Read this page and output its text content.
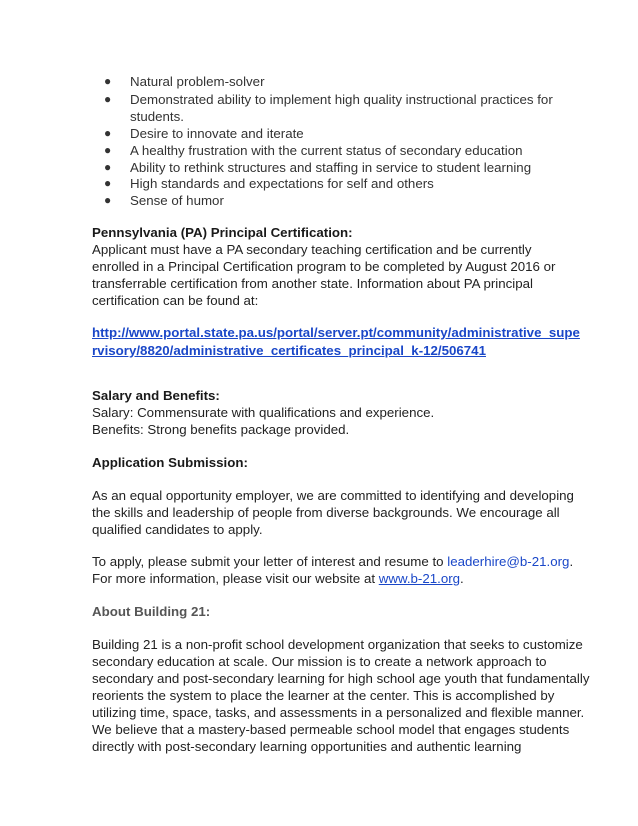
● Natural problem-solver
● Demonstrated ability to implement high quality instructional practices for
students.
● Desire to innovate and iterate
● A healthy frustration with the current status of secondary education
● Ability to rethink structures and staffing in service to student learning
● High standards and expectations for self and others
● Sense of humor
Pennsylvania (PA) Principal Certification:
Applicant must have a PA secondary teaching certification and be currently
enrolled in a Principal Certification program to be completed by August 2016 or
transferrable certification from another state. Information about PA principal
certification can be found at:
http://www.portal.state.pa.us/portal/server.pt/community/administrative_supe
rvisory/8820/administrative_certificates_principal_k-12/506741
Salary and Benefits:
Salary: Commensurate with qualifications and experience.
Benefits: Strong benefits package provided.
Application Submission:
As an equal opportunity employer, we are committed to identifying and developing
the skills and leadership of people from diverse backgrounds. We encourage all
qualified candidates to apply.
To apply, please submit your letter of interest and resume to leaderhire@b-21.org.
For more information, please visit our website at www.b-21.org.
About Building 21:
Building 21 is a non-profit school development organization that seeks to customize
secondary education at scale. Our mission is to create a network approach to
secondary and post-secondary learning for high school age youth that fundamentally
reorients the system to place the learner at the center. This is accomplished by
utilizing time, space, tasks, and assessments in a personalized and flexible manner.
We believe that a mastery-based permeable school model that engages students
directly with post-secondary learning opportunities and authentic learning
